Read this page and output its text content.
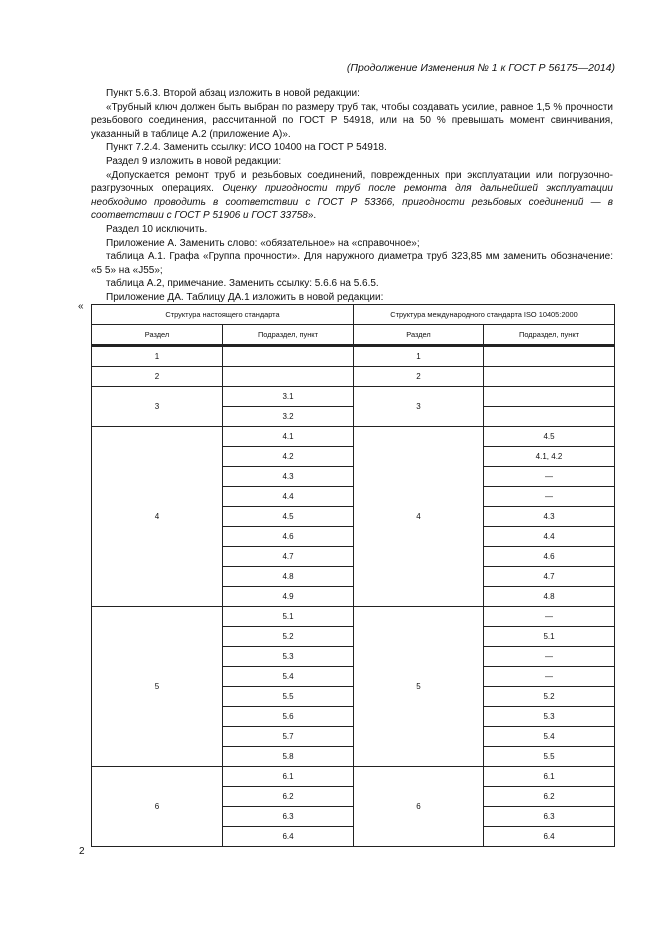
(Продолжение Изменения № 1 к ГОСТ Р 56175—2014)

Пункт 5.6.3. Второй абзац изложить в новой редакции:

«Трубный ключ должен быть выбран по размеру труб так, чтобы создавать усилие, равное 1,5 % прочности резьбового соединения, рассчитанной по ГОСТ Р 54918, или на 50 % превышать момент свинчивания, указанный в таблице А.2 (приложение А)».

Пункт 7.2.4. Заменить ссылку: ИСО 10400 на ГОСТ Р 54918.

Раздел 9 изложить в новой редакции:

«Допускается ремонт труб и резьбовых соединений, поврежденных при эксплуатации или погрузочно-разгрузочных операциях. Оценку пригодности труб после ремонта для дальнейшей эксплуатации необходимо проводить в соответствии с ГОСТ Р 53366, пригодности резьбовых соединений — в соответствии с ГОСТ Р 51906 и ГОСТ 33758».

Раздел 10 исключить.

Приложение А. Заменить слово: «обязательное» на «справочное»;

таблица А.1. Графа «Группа прочности». Для наружного диаметра труб 323,85 мм заменить обозначение: «5 5» на «J55»;

таблица А.2, примечание. Заменить ссылку: 5.6.6 на 5.6.5.

Приложение ДА. Таблицу ДА.1 изложить в новой редакции:

«
Структура настоящего стандарта		Структура международного стандарта ISO 10405:2000	
Раздел	Подраздел, пункт	Раздел	Подраздел, пункт

1		1	
2		2	
3	3.1	3	
	3.2		
4	4.1	4	4.5
	4.2		4.1, 4.2
	4.3		—
	4.4		—
	4.5		4.3
	4.6		4.4
	4.7		4.6
	4.8		4.7
	4.9		4.8
5	5.1	5	—
	5.2		5.1
	5.3		—
	5.4		—
	5.5		5.2
	5.6		5.3
	5.7		5.4
	5.8		5.5
6	6.1	6	6.1
	6.2		6.2
	6.3		6.3
	6.4		6.4
2
